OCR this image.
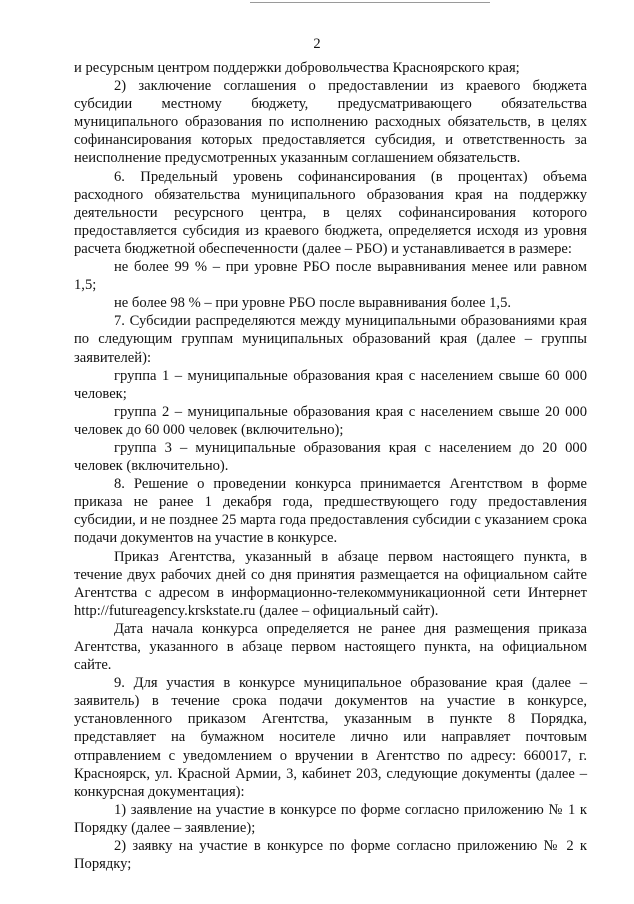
2

и ресурсным центром поддержки добровольчества Красноярского края;

2) заключение соглашения о предоставлении из краевого бюджета субсидии местному бюджету, предусматривающего обязательства муниципального образования по исполнению расходных обязательств, в целях софинансирования которых предоставляется субсидия, и ответственность за неисполнение предусмотренных указанным соглашением обязательств.

6. Предельный уровень софинансирования (в процентах) объема расходного обязательства муниципального образования края на поддержку деятельности ресурсного центра, в целях софинансирования которого предоставляется субсидия из краевого бюджета, определяется исходя из уровня расчета бюджетной обеспеченности (далее – РБО) и устанавливается в размере:

не более 99 % – при уровне РБО после выравнивания менее или равном 1,5;

не более 98 % – при уровне РБО после выравнивания более 1,5.

7. Субсидии распределяются между муниципальными образованиями края по следующим группам муниципальных образований края (далее – группы заявителей):

группа 1 – муниципальные образования края с населением свыше 60 000 человек;

группа 2 – муниципальные образования края с населением свыше 20 000 человек до 60 000 человек (включительно);

группа 3 – муниципальные образования края с населением до 20 000 человек (включительно).

8. Решение о проведении конкурса принимается Агентством в форме приказа не ранее 1 декабря года, предшествующего году предоставления субсидии, и не позднее 25 марта года предоставления субсидии с указанием срока подачи документов на участие в конкурсе.

Приказ Агентства, указанный в абзаце первом настоящего пункта, в течение двух рабочих дней со дня принятия размещается на официальном сайте Агентства с адресом в информационно-телекоммуникационной сети Интернет http://futureagency.krskstate.ru (далее – официальный сайт).

Дата начала конкурса определяется не ранее дня размещения приказа Агентства, указанного в абзаце первом настоящего пункта, на официальном сайте.

9. Для участия в конкурсе муниципальное образование края (далее – заявитель) в течение срока подачи документов на участие в конкурсе, установленного приказом Агентства, указанным в пункте 8 Порядка, представляет на бумажном носителе лично или направляет почтовым отправлением с уведомлением о вручении в Агентство по адресу: 660017, г. Красноярск, ул. Красной Армии, 3, кабинет 203, следующие документы (далее – конкурсная документация):

1) заявление на участие в конкурсе по форме согласно приложению № 1 к Порядку (далее – заявление);

2) заявку на участие в конкурсе по форме согласно приложению № 2 к Порядку;
